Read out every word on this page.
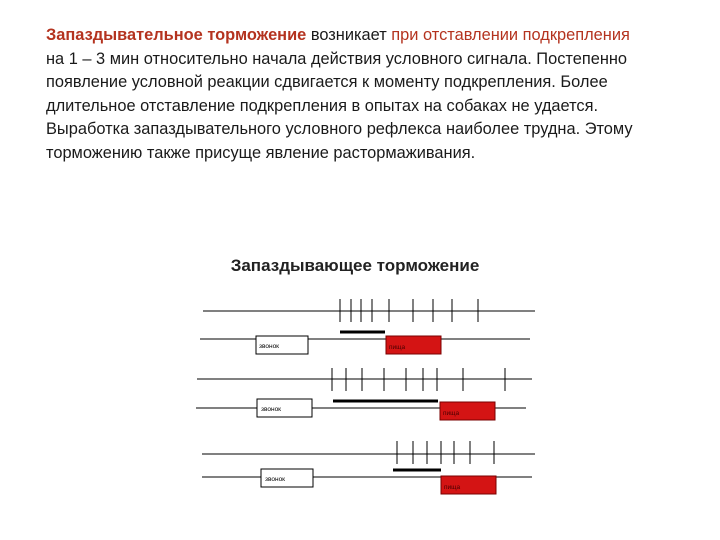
Запаздывательное торможение возникает при отставлении подкрепления на 1 – 3 мин относительно начала действия условного сигнала. Постепенно появление условной реакции сдвигается к моменту подкрепления. Более длительное отставление подкрепления в опытах на собаках не удается. Выработка запаздывательного условного рефлекса наиболее трудна. Этому торможению также присуще явление растормаживания.
Запаздывающее торможение
звонок	пища
звонок
пища
звонок
пища
